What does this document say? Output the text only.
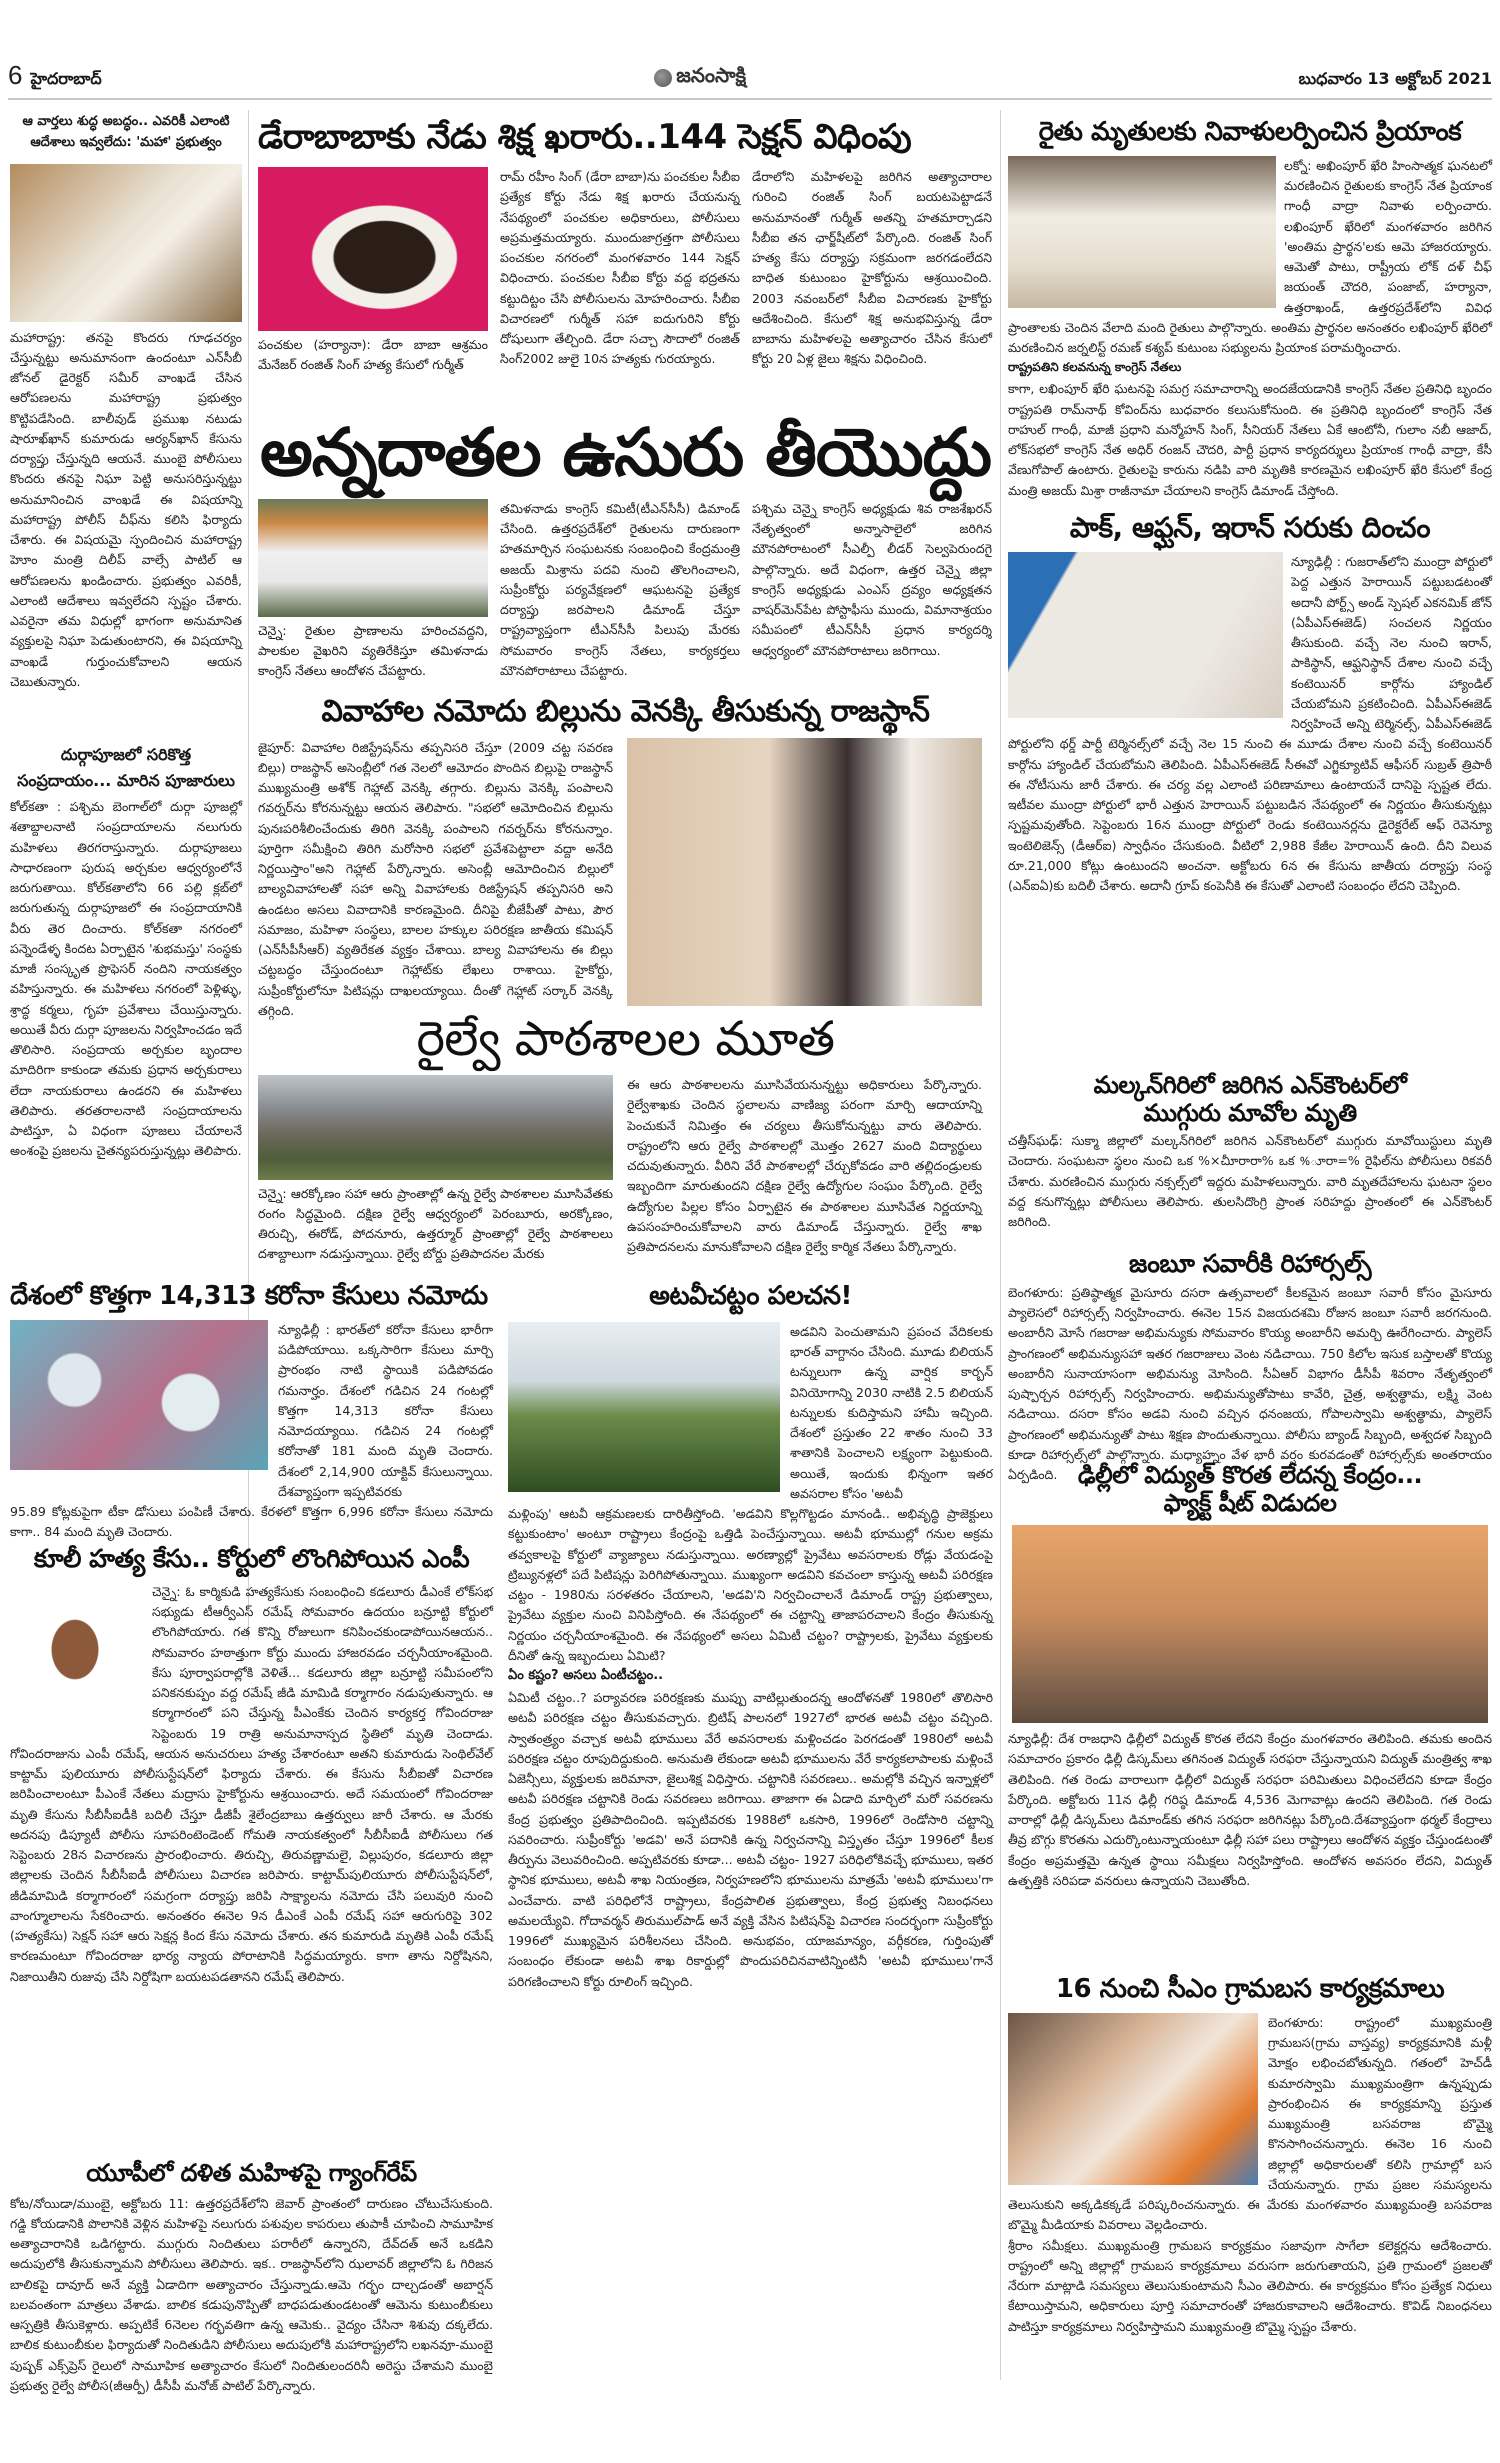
6 హైదరాబాద్	జనంసాక్షి	బుధవారం 13 అక్టోబర్ 2021
ఆ వార్తలు శుద్ధ అబద్ధం.. ఎవరికీ ఎలాంటి
ఆదేశాలు ఇవ్వలేదు: 'మహా' ప్రభుత్వం

మహారాష్ట్ర: తనపై కొందరు గూఢచర్యం చేస్తున్నట్టు అనుమానంగా ఉందంటూ ఎన్‌సీబీ జోనల్ డైరెక్టర్ సమీర్ వాంఖడే చేసిన ఆరోపణలను మహారాష్ట్ర ప్రభుత్వం కొట్టిపడేసింది. బాలీవుడ్ ప్రముఖ నటుడు షారూఖ్‌ఖాన్ కుమారుడు ఆర్యన్‌ఖాన్ కేసును దర్యాప్తు చేస్తున్నది ఆయనే. ముంబై పోలీసులు కొందరు తనపై నిఘా పెట్టి అనుసరిస్తున్నట్టు అనుమానించిన వాంఖడే ఈ విషయాన్ని మహారాష్ట్ర పోలీస్ చీఫ్‌ను కలిసి ఫిర్యాదు చేశారు. ఈ విషయమై స్పందించిన మహారాష్ట్ర హెూం మంత్రి దిలీప్ వాల్సే పాటిల్ ఆ ఆరోపణలను ఖండించారు. ప్రభుత్వం ఎవరికీ, ఎలాంటి ఆదేశాలు ఇవ్వలేదని స్పష్టం చేశారు. ఎవరైనా తమ విధుల్లో భాగంగా అనుమానిత వ్యక్తులపై నిఘా పెడుతుంటారని, ఈ విషయాన్ని వాంఖడే గుర్తుంచుకోవాలని ఆయన చెబుతున్నారు.

దుర్గాపూజలో సరికొత్త
సంప్రదాయం... మారిన పూజారులు

కోల్‌కతా : పశ్చిమ బెంగాల్‌లో దుర్గా పూజల్లో శతాబ్దాలనాటి సంప్రదాయాలను నలుగురు మహిళలు తిరగరాస్తున్నారు. దుర్గాపూజలు సాధారణంగా పురుష అర్చకుల ఆధ్వర్యంలోనే జరుగుతాయి. కోల్‌కతాలోని 66 పల్లి క్లబ్‌లో జరుగుతున్న దుర్గాపూజలో ఈ సంప్రదాయానికి వీరు తెర దించారు. కోల్‌కతా నగరంలో పన్నెండేళ్ళ కిందట ఏర్పాటైన 'శుభమస్తు' సంస్థకు మాజీ సంస్కృత ప్రొఫెసర్ నందిని నాయకత్వం వహిస్తున్నారు. ఈ మహిళలు నగరంలో పెళ్లిళ్ళు, శ్రాద్ధ కర్మలు, గృహ ప్రవేశాలు చేయిస్తున్నారు. అయితే వీరు దుర్గా పూజలను నిర్వహించడం ఇదే తొలిసారి. సంప్రదాయ అర్చకుల బృందాల మాదిరిగా కాకుండా తమకు ప్రధాన అర్చకురాలు లేదా నాయకురాలు ఉండరని ఈ మహిళలు తెలిపారు. తరతరాలనాటి సంప్రదాయాలను పాటిస్తూ, ఏ విధంగా పూజలు చేయాలనే అంశంపై ప్రజలను చైతన్యపరుస్తున్నట్లు తెలిపారు.

డేరాబాబాకు నేడు శిక్ష ఖరారు..144 సెక్షన్ విధింపు

పంచకుల (హర్యానా): డేరా బాబా ఆశ్రమం మేనేజర్ రంజిత్ సింగ్ హత్య కేసులో గుర్మీత్

రామ్ రహీం సింగ్ (డేరా బాబా)ను పంచకుల సీబీఐ ప్రత్యేక కోర్టు నేడు శిక్ష ఖరారు చేయనున్న నేపథ్యంలో పంచకుల అధికారులు, పోలీసులు అప్రమత్తమయ్యారు. ముందుజాగ్రత్తగా పోలీసులు పంచకుల నగరంలో మంగళవారం 144 సెక్షన్ విధించారు. పంచకుల సీబీఐ కోర్టు వద్ద భద్రతను కట్టుదిట్టం చేసి పోలీసులను మోహరించారు. సీబీఐ విచారణలో గుర్మీత్ సహా ఐదుగురిని కోర్టు దోషులుగా తేల్చింది. డేరా సచ్చా సౌదాలో రంజిత్ సింగ్‌2002 జులై 10న హత్యకు గురయ్యారు.

డేరాలోని మహిళలపై జరిగిన అత్యాచారాల గురించి రంజిత్ సింగ్ బయటపెట్టాడనే అనుమానంతో గుర్మీత్ అతన్ని హతమార్చాడని సీబీఐ తన ఛార్జ్‌షీట్‌లో పేర్కొంది. రంజిత్ సింగ్ హత్య కేసు దర్యాప్తు సక్రమంగా జరగడంలేదని బాధిత కుటుంబం హైకోర్టును ఆశ్రయించింది. 2003 నవంబర్‌లో సీబీఐ విచారణకు హైకోర్టు ఆదేశించింది. కేసులో శిక్ష అనుభవిస్తున్న డేరా బాబాను మహిళలపై అత్యాచారం చేసిన కేసులో కోర్టు 20 ఏళ్ల జైలు శిక్షను విధించింది.

అన్నదాతల ఉసురు తీయొద్దు

చెన్నై: రైతుల ప్రాణాలను హరించవద్దని, పాలకుల వైఖరిని వ్యతిరేకిస్తూ తమిళనాడు కాంగ్రెస్ నేతలు ఆందోళన చేపట్టారు.

తమిళనాడు కాంగ్రెస్ కమిటీ(టీఎన్‌సీసీ) డిమాండ్ చేసింది. ఉత్తరప్రదేశ్‌లో రైతులను దారుణంగా హతమార్చిన సంఘటనకు సంబంధించి కేంద్రమంత్రి అజయ్ మిశ్రాను పదవి నుంచి తొలగించాలని, సుప్రీంకోర్టు పర్యవేక్షణలో ఆఘటనపై ప్రత్యేక దర్యాప్తు జరపాలని డిమాండ్ చేస్తూ రాష్ట్రవ్యాప్తంగా టీఎన్‌సీసీ పిలుపు మేరకు సోమవారం కాంగ్రెస్ నేతలు, కార్యకర్తలు మౌనపోరాటాలు చేపట్టారు.

పశ్చిమ చెన్నై కాంగ్రెస్ అధ్యక్షుడు శివ రాజశేఖరన్ నేతృత్వంలో అన్నాసాలైలో జరిగిన మౌనపోరాటంలో సీఎల్పీ లీడర్ సెల్వపెరుందగై పాల్గొన్నారు. అదే విధంగా, ఉత్తర చెన్నై జిల్లా కాంగ్రెస్ అధ్యక్షుడు ఎంఎస్ ద్రవ్యం అధ్యక్షతన వాషర్‌మెన్‌పేట పోస్టాఫీసు ముందు, విమానాశ్రయం సమీపంలో టీఎన్‌సీసీ ప్రధాన కార్యదర్శి ఆధ్వర్యంలో మౌనపోరాటాలు జరిగాయి.

వివాహాల నమోదు బిల్లును వెనక్కి తీసుకున్న రాజస్థాన్

జైపూర్: వివాహాల రిజిస్ట్రేషన్‌ను తప్పనిసరి చేస్తూ (2009 చట్ట సవరణ బిల్లు) రాజస్థాన్ అసెంబ్లీలో గత నెలలో ఆమోదం పొందిన బిల్లుపై రాజస్థాన్ ముఖ్యమంత్రి అశోక్ గెహ్లాట్ వెనక్కి తగ్గారు. బిల్లును వెనక్కి పంపాలని గవర్నర్‌ను కోరనున్నట్టు ఆయన తెలిపారు. "సభలో ఆమోదించిన బిల్లును పునఃపరిశీలించేందుకు తిరిగి వెనక్కి పంపాలని గవర్నర్‌ను కోరనున్నాం. పూర్తిగా సమీక్షించి తిరిగి మరోసారి సభలో ప్రవేశపెట్టాలా వద్దా అనేది నిర్ణయిస్తాం"అని గెహ్లాట్ పేర్కొన్నారు. అసెంబ్లీ ఆమోదించిన బిల్లులో బాల్యవివాహాలతో సహా అన్ని వివాహాలకు రిజిస్ట్రేషన్ తప్పనిసరి అని ఉండటం అసలు వివాదానికి కారణమైంది. దీనిపై బీజేపీతో పాటు, పౌర సమాజం, మహిళా సంస్థలు, బాలల హక్కుల పరిరక్షణ జాతీయ కమిషన్ (ఎన్‌సీపీసీఆర్) వ్యతిరేకత వ్యక్తం చేశాయి. బాల్య వివాహాలను ఈ బిల్లు చట్టబద్ధం చేస్తుందంటూ గెహ్లాట్‌కు లేఖలు రాశాయి. హైకోర్టు, సుప్రీంకోర్టులోనూ పిటిషన్లు దాఖలయ్యాయి. దీంతో గెహ్లాట్ సర్కార్ వెనక్కి తగ్గింది.

రైల్వే పాఠశాలల మూత

చెన్నై: ఆరక్కోణం సహా ఆరు ప్రాంతాల్లో ఉన్న రైల్వే పాఠశాలల మూసివేతకు రంగం సిద్ధమైంది. దక్షిణ రైల్వే ఆధ్వర్యంలో పెరంబూరు, అరక్కోణం, తిరుచ్చి, ఈరోడ్, పోదనూరు, ఉత్తర్మూర్ ప్రాంతాల్లో రైల్వే పాఠశాలలు దశాబ్దాలుగా నడుస్తున్నాయి. రైల్వే బోర్డు ప్రతిపాదనల మేరకు

ఈ ఆరు పాఠశాలలను మూసివేయనున్నట్టు అధికారులు పేర్కొన్నారు. రైల్వేశాఖకు చెందిన స్థలాలను వాణిజ్య పరంగా మార్చి ఆదాయాన్ని పెంచుకునే నిమిత్తం ఈ చర్యలు తీసుకోనున్నట్టు వారు తెలిపారు. రాష్ట్రంలోని ఆరు రైల్వే పాఠశాలల్లో మొత్తం 2627 మంది విద్యార్థులు చదువుతున్నారు. వీరిని వేరే పాఠశాలల్లో చేర్చుకోవడం వారి తల్లిదండ్రులకు ఇబ్బందిగా మారుతుందని దక్షిణ రైల్వే ఉద్యోగుల సంఘం పేర్కొంది. రైల్వే ఉద్యోగుల పిల్లల కోసం ఏర్పాటైన ఈ పాఠశాలల మూసివేత నిర్ణయాన్ని ఉపసంహరించుకోవాలని వారు డిమాండ్ చేస్తున్నారు. రైల్వే శాఖ ప్రతిపాదనలను మానుకోవాలని దక్షిణ రైల్వే కార్మిక నేతలు పేర్కొన్నారు.

దేశంలో కొత్తగా 14,313 కరోనా కేసులు నమోదు

న్యూఢిల్లీ : భారత్‌లో కరోనా కేసులు భారీగా పడిపోయాయి. ఒక్కసారిగా కేసులు మార్చి ప్రారంభం నాటి స్థాయికి పడిపోవడం గమనార్హం. దేశంలో గడిచిన 24 గంటల్లో కొత్తగా 14,313 కరోనా కేసులు నమోదయ్యాయి. గడిచిన 24 గంటల్లో కరోనాతో 181 మంది మృతి చెందారు. దేశంలో 2,14,900 యాక్టివ్ కేసులున్నాయి. దేశవ్యాప్తంగా ఇప్పటివరకు

95.89 కోట్లకుపైగా టీకా డోసులు పంపిణీ చేశారు. కేరళలో కొత్తగా 6,996 కరోనా కేసులు నమోదు కాగా.. 84 మంది మృతి చెందారు.

కూలీ హత్య కేసు.. కోర్టులో లొంగిపోయిన ఎంపీ

చెన్నై: ఓ కార్మికుడి హత్యకేసుకు సంబంధించి కడలూరు డీఎంకే లోక్‌సభ సభ్యుడు టీఆర్వీఎస్ రమేష్ సోమవారం ఉదయం బన్రూట్టి కోర్టులో లొంగిపోయారు. గత కొన్ని రోజులుగా కనిపించకుండాపోయినఆయన.. సోమవారం హఠాత్తుగా కోర్టు ముందు హాజరవడం చర్చనీయాంశమైంది. కేసు పూర్వాపరాల్లోకి వెళితే... కడలూరు జిల్లా బన్రూట్టి సమీపంలోని పనికనకుప్పం వద్ద రమేష్ జీడి మామిడి కర్మాగారం నడుపుతున్నారు. ఆ కర్మాగారంలో పని చేస్తున్న పీఎంకేకు చెందిన కార్యకర్త గోవిందరాజు సెప్టెంబరు 19 రాత్రి అనుమానాస్పద స్థితిలో మృతి చెందాడు. గోవిందరాజును ఎంపీ రమేష్, ఆయన అనుచరులు హత్య చేశారంటూ అతని కుమారుడు సెంథిల్‌వేల్ కాట్టామ్ పులియూరు పోలీసుస్టేషన్‌లో ఫిర్యాదు చేశారు. ఈ కేసును సీబీఐతో విచారణ జరిపించాలంటూ పీఎంకే నేతలు మద్రాసు హైకోర్టును ఆశ్రయించారు. అదే సమయంలో గోవిందరాజు మృతి కేసును సీబీసీఐడీకి బదిలీ చేస్తూ డీజీపీ శైలేంద్రబాబు ఉత్తర్వులు జారీ చేశారు. ఆ మేరకు అదనపు డిప్యూటీ పోలీసు సూపరింటెండెంట్ గోమతి నాయకత్వంలో సీబీసీఐడీ పోలీసులు గత సెప్టెంబరు 28న విచారణను ప్రారంభించారు. తిరుచ్చి, తిరువణ్ణామలై, విల్లుపురం, కడలూరు జిల్లా జిల్లాలకు చెందిన సీబీసీఐడీ పోలీసులు విచారణ జరిపారు. కాట్టామ్‌పులియూరు పోలీసుస్టేషన్‌లో, జీడిమామిడి కర్మాగారంలో సమగ్రంగా దర్యాప్తు జరిపి సాక్ష్యాలను నమోదు చేసి పలువురి నుంచి వాంగ్మూలాలను సేకరించారు. అనంతరం ఈనెల 9న డీఎంకే ఎంపీ రమేష్ సహా ఆరుగురిపై 302 (హత్యకేసు) సెక్షన్ సహా ఆరు సెక్షన్ల కింద కేసు నమోదు చేశారు. తన కుమారుడి మృతికి ఎంపీ రమేష్ కారణమంటూ గోవిందరాజు భార్య న్యాయ పోరాటానికి సిద్ధమయ్యారు. కాగా తాను నిర్దోషినని, నిజాయితీని రుజువు చేసి నిర్దోషిగా బయటపడతానని రమేష్ తెలిపారు.

యూపీలో దళిత మహిళపై గ్యాంగ్‌రేప్

కోట/నోయిడా/ముంబై, అక్టోబరు 11: ఉత్తరప్రదేశ్‌లోని జెవార్ ప్రాంతంలో దారుణం చోటుచేసుకుంది. గడ్డి కోయడానికి పొలానికి వెళ్లిన మహిళపై నలుగురు పశువుల కాపరులు తుపాకీ చూపించి సామూహిక అత్యాచారానికి ఒడిగట్టారు. ముగ్గురు నిందితులు పరారీలో ఉన్నారని, దేవ్‌దత్ అనే ఒకడిని అదుపులోకి తీసుకున్నామని పోలీసులు తెలిపారు. ఇక.. రాజస్థాన్‌లోని ఝలావర్ జిల్లాలోని ఓ గిరిజన బాలికపై దావూద్ అనే వ్యక్తి ఏడాదిగా అత్యాచారం చేస్తున్నాడు.ఆమె గర్భం దాల్చడంతో అబార్షన్ బలవంతంగా మాత్రలు వేశాడు. బాలిక కడుపునొప్పితో బాధపడుతుండటంతో ఆమెను కుటుంబీకులు ఆస్పత్రికి తీసుకెళ్లారు. అప్పటికే 6నెలల గర్భవతిగా ఉన్న ఆమెకు.. వైద్యం చేసినా శిశువు దక్కలేదు. బాలిక కుటుంబీకుల ఫిర్యాదుతో నిందితుడిని పోలీసులు అదుపులోకి మహారాష్ట్రలోని లఖనవూ-ముంబై పుష్పక్ ఎక్స్‌ప్రెస్ రైలులో సామూహిక అత్యాచారం కేసులో నిందితులందరినీ అరెస్టు చేశామని ముంబై ప్రభుత్వ రైల్వే పోలీస(జీఆర్పీ) డీసీపీ మనోజ్ పాటిల్ పేర్కొన్నారు.

అటవీచట్టం పలచన!

అడవిని పెంచుతామని ప్రపంచ వేదికలకు భారత్ వాగ్దానం చేసింది. మూడు బిలియన్ టన్నులుగా ఉన్న వార్షిక కార్బన్ వినియోగాన్ని 2030 నాటికి 2.5 బిలియన్ టన్నులకు కుదిస్తామని హామీ ఇచ్చింది. దేశంలో ప్రస్తుతం 22 శాతం నుంచి 33 శాతానికి పెంచాలని లక్ష్యంగా పెట్టుకుంది. అయితే, ఇందుకు భిన్నంగా ఇతర అవసరాల కోసం 'అటవీ

మళ్లింపు' ఆటవీ ఆక్రమణలకు దారితీస్తోంది. 'అడవిని కొల్లగొట్టడం మానండి.. అభివృద్ధి ప్రాజెక్టులు కట్టుకుంటాం' అంటూ రాష్ట్రాలు కేంద్రంపై ఒత్తిడి పెంచేస్తున్నాయి. అటవీ భూముల్లో గనుల అక్రమ తవ్వకాలపై కోర్టులో వ్యాజ్యాలు నడుస్తున్నాయి. అరణ్యాల్లో ప్రైవేటు అవసరాలకు రోడ్లు వేయడంపై ట్రిబ్యునళ్లలో పదే పిటిషన్లు పెరిగిపోతున్నాయి. ముఖ్యంగా అడవిని కవచంలా కాస్తున్న అటవీ పరిరక్షణ చట్టం - 1980ను సరళతరం చేయాలని, 'అడవి'ని నిర్వచించాలనే డిమాండ్ రాష్ట్ర ప్రభుత్వాలు, ప్రైవేటు వ్యక్తుల నుంచి వినిపిస్తోంది. ఈ నేపథ్యంలో ఈ చట్టాన్ని తాజాపరచాలని కేంద్రం తీసుకున్న నిర్ణయం చర్చనీయాంశమైంది. ఈ నేపథ్యంలో అసలు ఏమిటీ చట్టం? రాష్ట్రాలకు, ప్రైవేటు వ్యక్తులకు దీనితో ఉన్న ఇబ్బందులు ఏమిటి?

ఏం కష్టం? అసలు ఏంటీచట్టం..

ఏమిటీ చట్టం..? పర్యావరణ పరిరక్షణకు ముప్పు వాటిల్లుతుందన్న ఆందోళనతో 1980లో తొలిసారి అటవీ పరిరక్షణ చట్టం తీసుకువచ్చారు. బ్రిటిష్ పాలనలో 1927లో భారత అటవీ చట్టం వచ్చింది. స్వాతంత్ర్యం వచ్చాక అటవీ భూములు వేరే అవసరాలకు మళ్లించడం పెరగడంతో 1980లో అటవీ పరిరక్షణ చట్టం రూపుదిద్దుకుంది. అనుమతి లేకుండా అటవీ భూములను వేరే కార్యకలాపాలకు మళ్లించే ఏజెన్సీలు, వ్యక్తులకు జరిమానా, జైలుశిక్ష విధిస్తారు. చట్టానికి సవరణలు.. అమల్లోకి వచ్చిన ఇన్నాళ్లలో అటవీ పరిరక్షణ చట్టానికి రెండు సవరణలు జరిగాయి. తాజాగా ఈ ఏడాది మార్చిలో మరో సవరణను కేంద్ర ప్రభుత్వం ప్రతిపాదించింది. ఇప్పటివరకు 1988లో ఒకసారి, 1996లో రెండోసారి చట్టాన్ని సవరించారు. సుప్రీంకోర్టు 'అడవి' అనే పదానికి ఉన్న నిర్వచనాన్ని విస్తృతం చేస్తూ 1996లో కీలక తీర్పును వెలువరించింది. అప్పటివరకు కూడా... అటవీ చట్టం- 1927 పరిధిలోకివచ్చే భూములు, ఇతర స్థానిక భూములు, అటవీ శాఖ నియంత్రణ, నిర్వహణలోని భూములను మాత్రమే 'అటవీ భూములు'గా ఎంచేవారు. వాటి పరిధిలోనే రాష్ట్రాలు, కేంద్రపాలిత ప్రభుత్వాలు, కేంద్ర ప్రభుత్వ నిబంధనలు అమలయ్యేవి. గోదావర్మన్ తిరుముల్‌పాడ్ అనే వ్యక్తి వేసిన పిటిషన్‌పై విచారణ సందర్భంగా సుప్రీంకోర్టు 1996లో ముఖ్యమైన పరిశీలనలు చేసింది. అనుభవం, యాజమాన్యం, వర్గీకరణ, గుర్తింపుతో సంబంధం లేకుండా అటవీ శాఖ రికార్డుల్లో పొందుపరిచినవాటిన్నింటినీ 'అటవీ భూములు'గానే పరిగణించాలని కోర్టు రూలింగ్ ఇచ్చింది.

రైతు మృతులకు నివాళులర్పించిన ప్రియాంక

లక్నో: అఖింపూర్ ఖేరి హింసాత్మక ఘనటలో మరణించిన రైతులకు కాంగ్రెస్ నేత ప్రియాంక గాంధీ వాద్రా నివాళు లర్పించారు. లఖింపూర్ ఖేరిలో మంగళవారం జరిగిన 'అంతిమ ప్రార్థన'లకు ఆమె హాజరయ్యారు. ఆమెతో పాటు, రాష్ట్రీయ లోక్ దళ్ చీఫ్ జయంత్ చౌదరి, పంజాబ్, హర్యానా, ఉత్తరాఖండ్, ఉత్తరప్రదేశ్‌లోని వివిధ ప్రాంతాలకు చెందిన వేలాది మంది రైతులు పాల్గొన్నారు. అంతిమ ప్రార్థనల అనంతరం లఖింపూర్ ఖేరిలో మరణించిన జర్నలిస్ట్ రమణ్ కశ్యప్ కుటుంబ సభ్యులను ప్రియాంక పరామర్శించారు.

రాష్ట్రపతిని కలవనున్న కాంగ్రెస్ నేతలు

కాగా, లఖింపూర్ ఖేరి ఘటనపై సమగ్ర సమాచారాన్ని అందజేయడానికి కాంగ్రెస్ నేతల ప్రతినిధి బృందం రాష్ట్రపతి రామ్‌నాథ్ కోవింద్‌ను బుధవారం కలుసుకోనుంది. ఈ ప్రతినిధి బృందంలో కాంగ్రెస్ నేత రాహుల్ గాంధీ, మాజీ ప్రధాని మన్మోహన్ సింగ్, సీనియర్ నేతలు ఏకే ఆంటోనీ, గులాం నబీ ఆజాద్, లోక్‌సభలో కాంగ్రెస్ నేత అధిర్ రంజన్ చౌదరి, పార్టీ ప్రధాన కార్యదర్శులు ప్రియాంక గాంధీ వాద్రా, కేసీ వేణుగోపాల్ ఉంటారు. రైతులపై కారును నడిపి వారి మృతికి కారణమైన లఖింపూర్ ఖేరి కేసులో కేంద్ర మంత్రి అజయ్ మిశ్రా రాజీనామా చేయాలని కాంగ్రెస్ డిమాండ్ చేస్తోంది.

పాక్, ఆఫ్ఘన్, ఇరాన్ సరుకు దించం

న్యూఢిల్లీ : గుజరాత్‌లోని ముంద్రా పోర్టులో పెద్ద ఎత్తున హెరాయిన్ పట్టుబడటంతో అదానీ పోర్ట్స్ అండ్ స్పెషల్ ఎకనమిక్ జోన్ (ఏపీఎస్ఈజెడ్) సంచలన నిర్ణయం తీసుకుంది. వచ్చే నెల నుంచి ఇరాన్, పాకిస్థాన్, ఆఫ్ఘనిస్థాన్ దేశాల నుంచి వచ్చే కంటెయినర్ కార్గోను హ్యాండిల్ చేయబోమని ప్రకటించింది. ఏపీఎస్ఈజెడ్ నిర్వహించే అన్ని టెర్మినల్స్, ఏపీఎస్ఈజెడ్ పోర్టులోని థర్డ్ పార్టీ టెర్మినల్స్‌లో వచ్చే నెల 15 నుంచి ఈ మూడు దేశాల నుంచి వచ్చే కంటెయినర్ కార్గోను హ్యాండిల్ చేయబోమని తెలిపింది. ఏపీఎస్ఈజెడ్ సీఈవో ఎగ్జిక్యూటివ్ ఆఫీసర్ సుబ్రత్ త్రిపాఠీ ఈ నోటీసును జారీ చేశారు. ఈ చర్య వల్ల ఎలాంటి పరిణామాలు ఉంటాయనే దానిపై స్పష్టత లేదు. ఇటీవల ముంద్రా పోర్టులో భారీ ఎత్తున హెరాయిన్ పట్టుబడిన నేపథ్యంలో ఈ నిర్ణయం తీసుకున్నట్లు స్పష్టమవుతోంది. సెప్టెంబరు 16న ముంద్రా పోర్టులో రెండు కంటెయినర్లను డైరెక్టరేట్ ఆఫ్ రెవెన్యూ ఇంటెలిజెన్స్ (డీఆర్ఐ) స్వాధీనం చేసుకుంది. వీటిలో 2,988 కేజీల హెరాయిన్ ఉంది. దీని విలువ రూ.21,000 కోట్లు ఉంటుందని అంచనా. అక్టోబరు 6న ఈ కేసును జాతీయ దర్యాప్తు సంస్థ (ఎన్ఐఏ)కు బదిలీ చేశారు. అదానీ గ్రూప్ కంపెనీకి ఈ కేసుతో ఎలాంటి సంబంధం లేదని చెప్పింది.

మల్కన్‌గిరిలో జరిగిన ఎన్‌కౌంటర్‌లో
ముగ్గురు మావోల మృతి

చత్తీస్‌ఘఢ్: సుక్మా జిల్లాలో మల్కన్‌గిరిలో జరిగిన ఎన్‌కౌంటర్‌లో ముగ్గురు మావోయిస్టులు మృతి చెందారు. సంఘటనా స్థలం నుంచి ఒక %×చీూరారా% ఒక %ూరా=% రైఫిల్‌ను పోలీసులు రికవరీ చేశారు. మరణించిన ముగ్గురు నక్సల్స్‌లో ఇద్దరు మహిళలున్నారు. వారి మృతదేహాలను ఘటనా స్థలం వద్ద కనుగొన్నట్లు పోలీసులు తెలిపారు. తులసిదొంగ్రి ప్రాంత సరిహద్దు ప్రాంతంలో ఈ ఎన్‌కౌంటర్ జరిగింది.

జంబూ సవారీకి రిహార్సల్స్

బెంగళూరు: ప్రతిష్ఠాత్మక మైసూరు దసరా ఉత్సవాలలో కీలకమైన జంబూ సవారీ కోసం మైసూరు ప్యాలెసలో రిహార్సల్స్ నిర్వహించారు. ఈనెల 15న విజయదశమి రోజున జంబూ సవారీ జరగనుంది. అంబారీని మోసే గజరాజు అభిమన్యుకు సోమవారం కొయ్య అంబారీని అమర్చి ఊరేగించారు. ప్యాలెస్ ప్రాంగణంలో అభిమన్యుసహా ఇతర గజరాజులు వెంట నడిచాయి. 750 కిలోల ఇసుక బస్తాలతో కొయ్య అంబారీని సునాయాసంగా అభిమన్యు మోసింది. సీఏఆర్ విభాగం డీసీపీ శివరాం నేతృత్వంలో పుష్పార్చన రిహార్సల్స్ నిర్వహించారు. అభిమన్యుతోపాటు కావేరి, చైత్ర, అశ్వత్థామ, లక్ష్మి వెంట నడిచాయి. దసరా కోసం అడవి నుంచి వచ్చిన ధనంజయ, గోపాలస్వామి అశ్వత్థామ, ప్యాలెస్ ప్రాంగణంలో అభిమన్యుతో పాటు శిక్షణ పొందుతున్నాయి. పోలీసు బ్యాండ్ సిబ్బంది, అశ్వదళ సిబ్బంది కూడా రిహార్సల్స్‌లో పాల్గొన్నారు. మధ్యాహ్నం వేళ భారీ వర్షం కురవడంతో రిహార్సల్స్‌కు అంతరాయం ఏర్పడింది. ఢిల్లీలో విద్యుత్ కొరత లేదన్న కేంద్రం...
ఫ్యాక్ట్ షీట్ విడుదల

న్యూఢిల్లీ: దేశ రాజధాని ఢిల్లీలో విద్యుత్ కొరత లేదని కేంద్రం మంగళవారం తెలిపింది. తమకు అందిన సమాచారం ప్రకారం ఢిల్లీ డిస్కమ్‌లు తగినంత విద్యుత్ సరఫరా చేస్తున్నాయని విద్యుత్ మంత్రిత్వ శాఖ తెలిపింది. గత రెండు వారాలుగా ఢిల్లీలో విద్యుత్ సరఫరా పరిమితులు విధించలేదని కూడా కేంద్రం పేర్కొంది. అక్టోబరు 11న ఢిల్లీ గరిష్ఠ డిమాండ్ 4,536 మెగావాట్లు ఉందని తెలిపింది. గత రెండు వారాల్లో ఢిల్లీ డిస్కమ్‌లు డిమాండ్‌కు తగిన సరఫరా జరిగినట్లు పేర్కొంది.దేశవ్యాప్తంగా థర్మల్ కేంద్రాలు తీవ్ర బొగ్గు కొరతను ఎదుర్కొంటున్నాయంటూ ఢిల్లీ సహా పలు రాష్ట్రాలు ఆందోళన వ్యక్తం చేస్తుండటంతో కేంద్రం అప్రమత్తమై ఉన్నత స్థాయి సమీక్షలు నిర్వహిస్తోంది. ఆందోళన అవసరం లేదని, విద్యుత్ ఉత్పత్తికి సరిపడా వనరులు ఉన్నాయని చెబుతోంది.

16 నుంచి సీఎం గ్రామబస కార్యక్రమాలు

బెంగళూరు: రాష్ట్రంలో ముఖ్యమంత్రి గ్రామబస(గ్రామ వాస్తవ్య) కార్యక్రమానికి మళ్లీ మోక్షం లభించబోతున్నది. గతంలో హెచ్‌డీ కుమారస్వామి ముఖ్యమంత్రిగా ఉన్నప్పుడు ప్రారంభించిన ఈ కార్యక్రమాన్ని ప్రస్తుత ముఖ్యమంత్రి బసవరాజ బొమ్మై కొనసాగించనున్నారు. ఈనెల 16 నుంచి జిల్లాల్లో అధికారులతో కలిసి గ్రామాల్లో బస చేయనున్నారు. గ్రామ ప్రజల సమస్యలను తెలుసుకుని అక్కడికక్కడే పరిష్కరించనున్నారు. ఈ మేరకు మంగళవారం ముఖ్యమంత్రి బసవరాజ బొమ్మై మీడియాకు వివరాలు వెల్లడించారు.

శ్రీరాం సమీక్షలు. ముఖ్యమంత్రి గ్రామబస కార్యక్రమం సజావుగా సాగేలా కలెక్టర్లను ఆదేశించారు. రాష్ట్రంలో అన్ని జిల్లాల్లో గ్రామబస కార్యక్రమాలు వరుసగా జరుగుతాయని, ప్రతి గ్రామంలో ప్రజలతో నేరుగా మాట్లాడి సమస్యలు తెలుసుకుంటామని సీఎం తెలిపారు. ఈ కార్యక్రమం కోసం ప్రత్యేక నిధులు కేటాయిస్తామని, అధికారులు పూర్తి సమాచారంతో హాజరుకావాలని ఆదేశించారు. కొవిడ్ నిబంధనలు పాటిస్తూ కార్యక్రమాలు నిర్వహిస్తామని ముఖ్యమంత్రి బొమ్మై స్పష్టం చేశారు.
